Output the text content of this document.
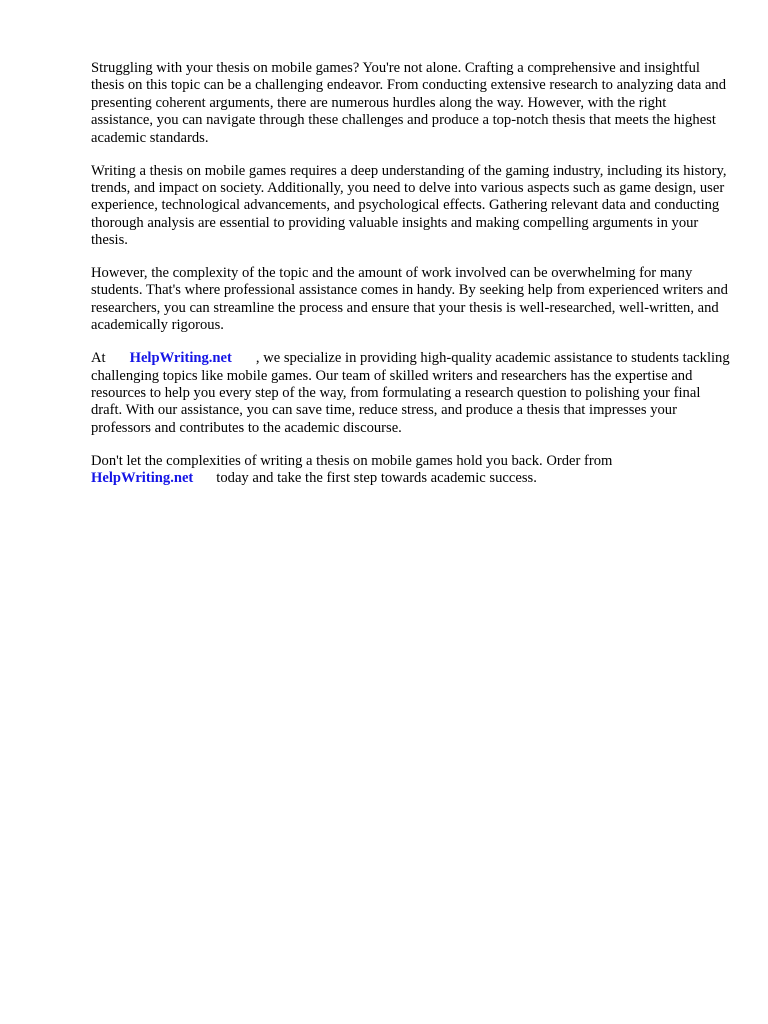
Struggling with your thesis on mobile games? You're not alone. Crafting a comprehensive and insightful thesis on this topic can be a challenging endeavor. From conducting extensive research to analyzing data and presenting coherent arguments, there are numerous hurdles along the way. However, with the right assistance, you can navigate through these challenges and produce a top-notch thesis that meets the highest academic standards.

Writing a thesis on mobile games requires a deep understanding of the gaming industry, including its history, trends, and impact on society. Additionally, you need to delve into various aspects such as game design, user experience, technological advancements, and psychological effects. Gathering relevant data and conducting thorough analysis are essential to providing valuable insights and making compelling arguments in your thesis.

However, the complexity of the topic and the amount of work involved can be overwhelming for many students. That's where professional assistance comes in handy. By seeking help from experienced writers and researchers, you can streamline the process and ensure that your thesis is well-researched, well-written, and academically rigorous.

At HelpWriting.net , we specialize in providing high-quality academic assistance to students tackling challenging topics like mobile games. Our team of skilled writers and researchers has the expertise and resources to help you every step of the way, from formulating a research question to polishing your final draft. With our assistance, you can save time, reduce stress, and produce a thesis that impresses your professors and contributes to the academic discourse.

Don't let the complexities of writing a thesis on mobile games hold you back. Order from
HelpWriting.net today and take the first step towards academic success.
